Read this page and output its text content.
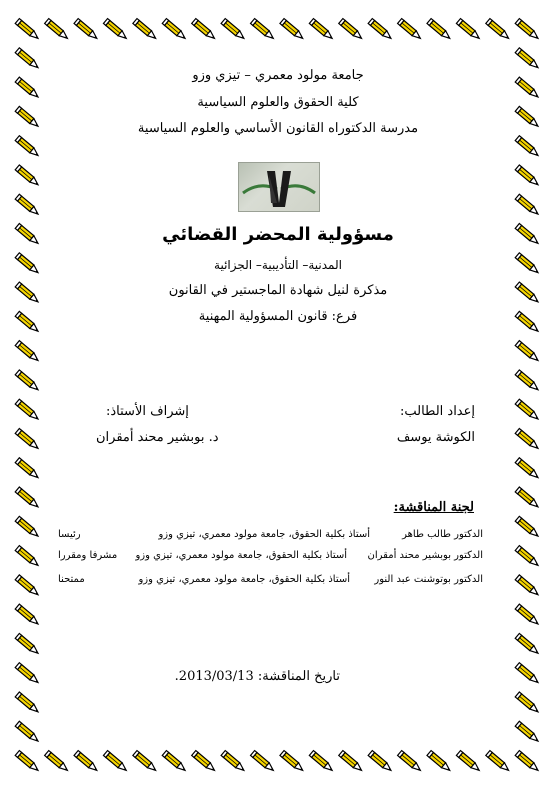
جامعة مولود معمري – تيزي وزو
كلية الحقوق والعلوم السياسية
مدرسة الدكتوراه القانون الأساسي والعلوم السياسية
مسؤولية المحضر القضائي
المدنية– التأديبية– الجزائية
مذكرة لنيل شهادة الماجستير في القانون
فرع: قانون المسؤولية المهنية
إعداد الطالب:
الكوشة يوسف
إشراف الأستاذ:
د. بوبشير محند أمقران
لجنة المناقشة:
الدكتور طالب طاهر
أستاذ بكلية الحقوق، جامعة مولود معمري، تيزي وزو
رئيسا
الدكتور بوبشير محند أمقران
أستاذ بكلية الحقوق، جامعة مولود معمري، تيزي وزو
مشرفا ومقررا
الدكتور بوتوشنت عبد النور
أستاذ بكلية الحقوق، جامعة مولود معمري، تيزي وزو
ممتحنا
تاريخ المناقشة: 2013/03/13.
